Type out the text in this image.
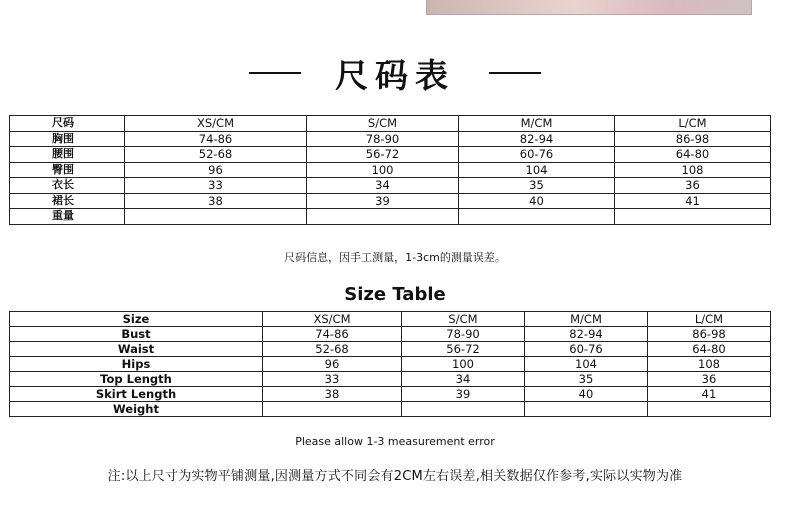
尺码表
尺码	XS/CM	S/CM	M/CM	L/CM
胸围	74-86	78-90	82-94	86-98
腰围	52-68	56-72	60-76	64-80
臀围	96	100	104	108
衣长	33	34	35	36
裙长	38	39	40	41
重量				
尺码信息，因手工测量，1-3cm的测量误差。
Size Table
Size	XS/CM	S/CM	M/CM	L/CM
Bust	74-86	78-90	82-94	86-98
Waist	52-68	56-72	60-76	64-80
Hips	96	100	104	108
Top Length	33	34	35	36
Skirt Length	38	39	40	41
Weight				
Please allow 1-3 measurement error
注:以上尺寸为实物平铺测量,因测量方式不同会有2CM左右误差,相关数据仅作参考,实际以实物为准
